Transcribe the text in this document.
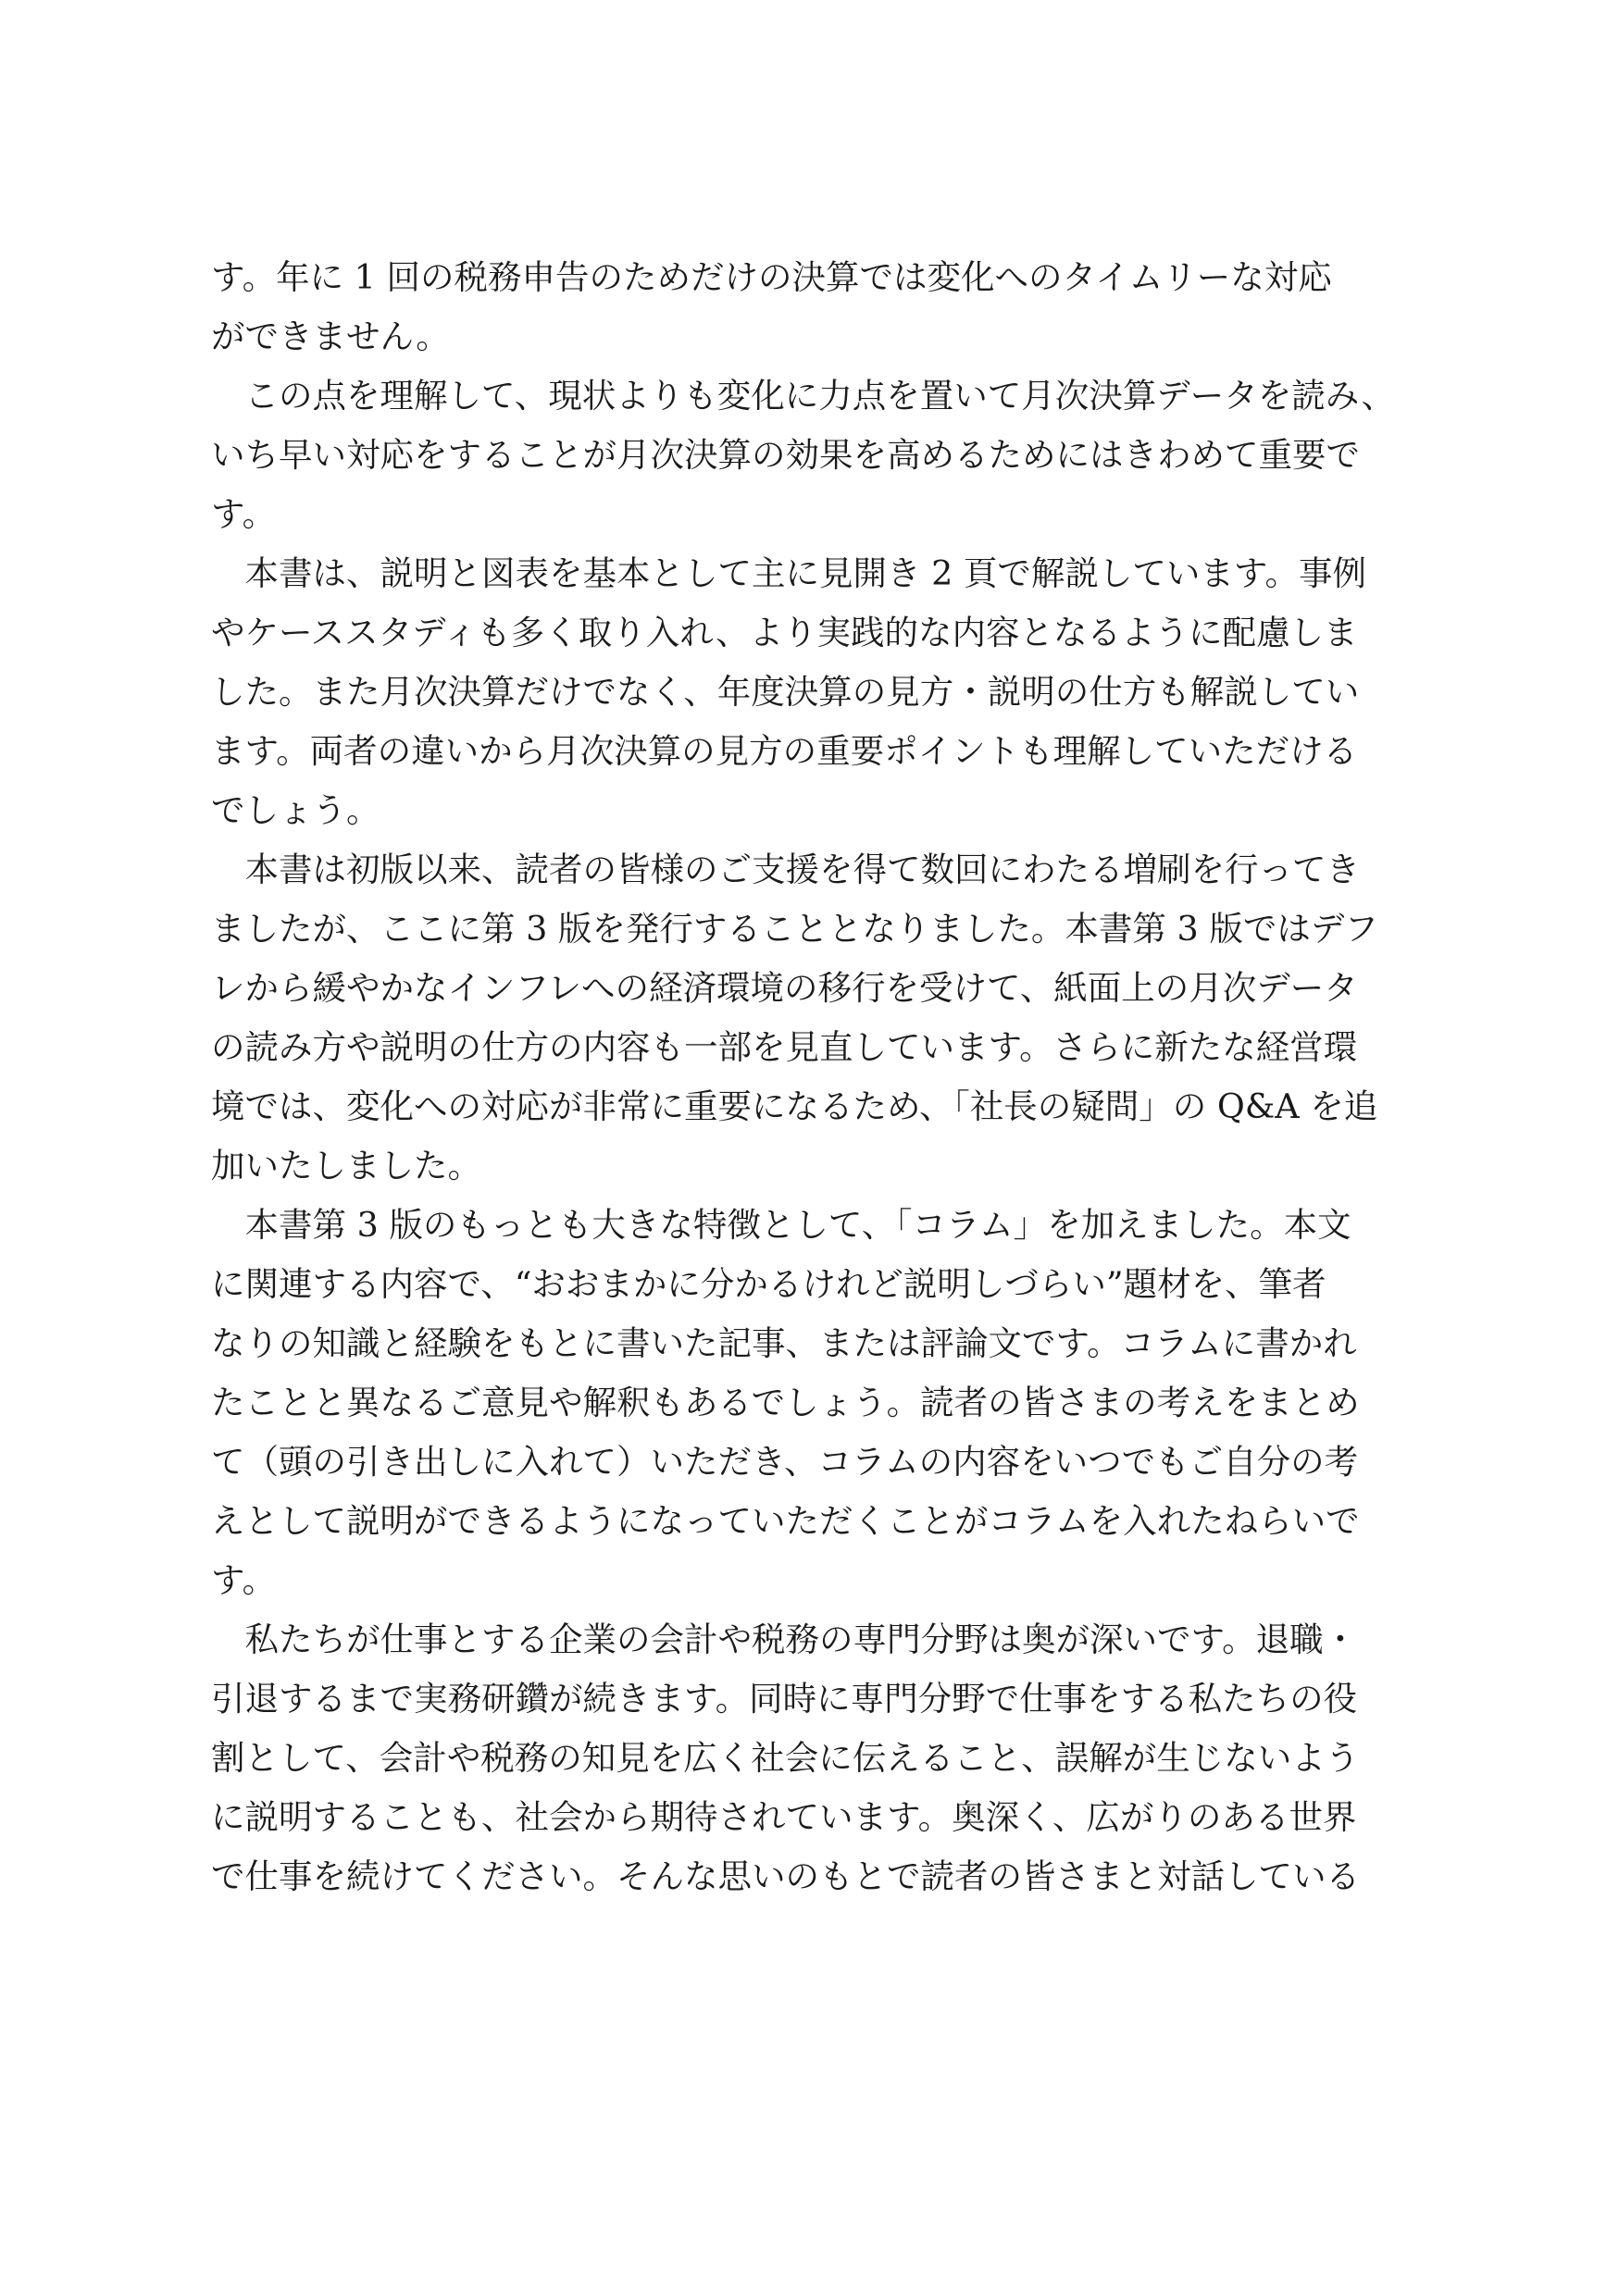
す。年に 1 回の税務申告のためだけの決算では変化へのタイムリーな対応
ができません。
　この点を理解して、現状よりも変化に力点を置いて月次決算データを読み、
いち早い対応をすることが月次決算の効果を高めるためにはきわめて重要で
す。
　本書は、説明と図表を基本として主に見開き 2 頁で解説しています。事例
やケーススタディも多く取り入れ、より実践的な内容となるように配慮しま
した。また月次決算だけでなく、年度決算の見方・説明の仕方も解説してい
ます。両者の違いから月次決算の見方の重要ポイントも理解していただける
でしょう。
　本書は初版以来、読者の皆様のご支援を得て数回にわたる増刷を行ってき
ましたが、ここに第 3 版を発行することとなりました。本書第 3 版ではデフ
レから緩やかなインフレへの経済環境の移行を受けて、紙面上の月次データ
の読み方や説明の仕方の内容も一部を見直しています。さらに新たな経営環
境では、変化への対応が非常に重要になるため、「社長の疑問」の Q&A を追
加いたしました。
　本書第 3 版のもっとも大きな特徴として、「コラム」を加えました。本文
に関連する内容で、“おおまかに分かるけれど説明しづらい”題材を、筆者
なりの知識と経験をもとに書いた記事、または評論文です。コラムに書かれ
たことと異なるご意見や解釈もあるでしょう。読者の皆さまの考えをまとめ
て（頭の引き出しに入れて）いただき、コラムの内容をいつでもご自分の考
えとして説明ができるようになっていただくことがコラムを入れたねらいで
す。
　私たちが仕事とする企業の会計や税務の専門分野は奥が深いです。退職・
引退するまで実務研鑽が続きます。同時に専門分野で仕事をする私たちの役
割として、会計や税務の知見を広く社会に伝えること、誤解が生じないよう
に説明することも、社会から期待されています。奥深く、広がりのある世界
で仕事を続けてください。そんな思いのもとで読者の皆さまと対話している
